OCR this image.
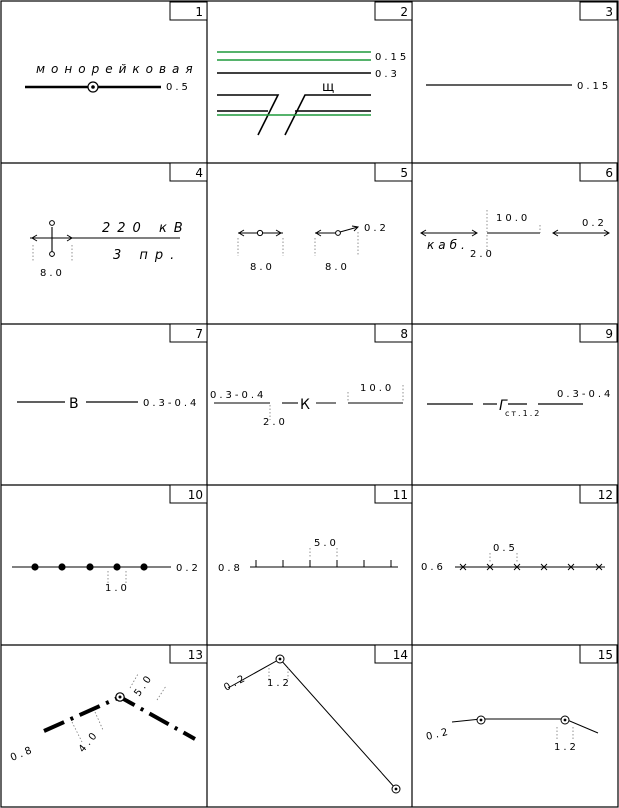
1	2	3
4	5	6
7	8	9
10	11	12
13	14	15
монорейковая
0.5
0.15
0.3
щ	0.15
220 кВ
3 пр.
8.0
8.0	8.0
0.2
каб.
10.0
2.0
0.2
В	0.3-0.4
0.3-0.4
2.0
К
10.0
Г
ст.1.2
0.3-0.4
1.0
0.2 0.8
5.0
0.6
0.5
0.8	4.0
5.0	0.2 1.2
0.2
1.2
